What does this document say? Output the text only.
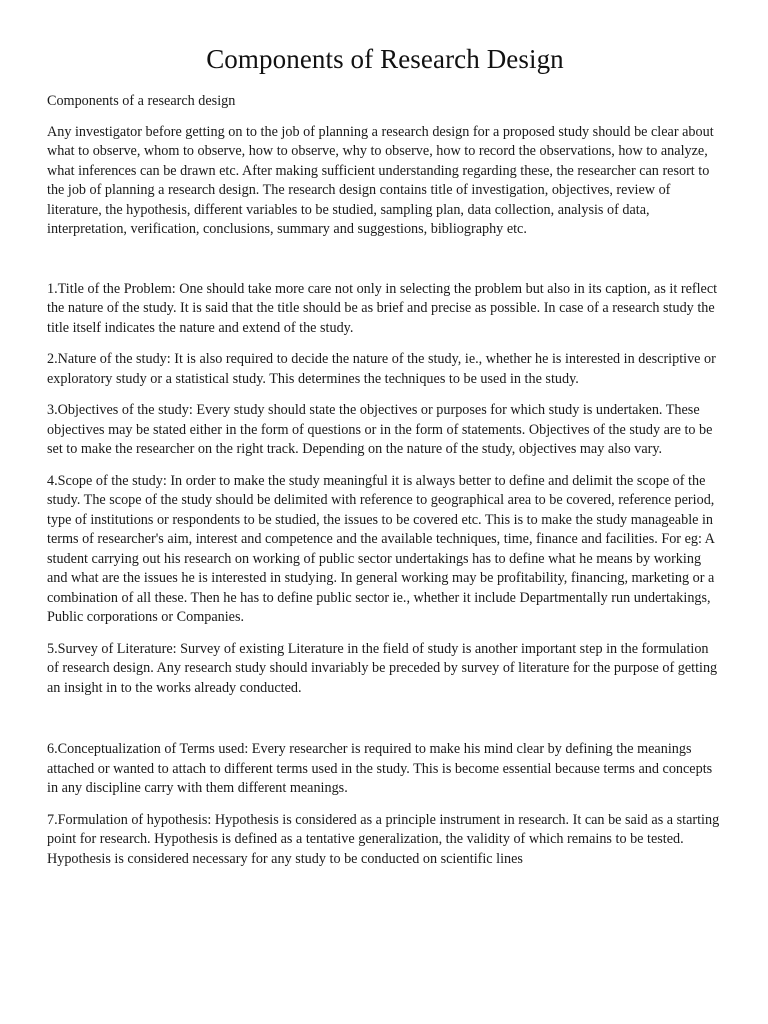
Components of Research Design

Components of a research design

Any investigator before getting on to the job of planning a research design for a proposed study should be clear about what to observe, whom to observe, how to observe, why to observe, how to record the observations, how to analyze, what inferences can be drawn etc. After making sufficient understanding regarding these, the researcher can resort to the job of planning a research design. The research design contains title of investigation, objectives, review of literature, the hypothesis, different variables to be studied, sampling plan, data collection, analysis of data, interpretation, verification, conclusions, summary and suggestions, bibliography etc.

1.Title of the Problem: One should take more care not only in selecting the problem but also in its caption, as it reflect the nature of the study. It is said that the title should be as brief and precise as possible. In case of a research study the title itself indicates the nature and extend of the study.

2.Nature of the study: It is also required to decide the nature of the study, ie., whether he is interested in descriptive or exploratory study or a statistical study. This determines the techniques to be used in the study.

3.Objectives of the study: Every study should state the objectives or purposes for which study is undertaken. These objectives may be stated either in the form of questions or in the form of statements. Objectives of the study are to be set to make the researcher on the right track. Depending on the nature of the study, objectives may also vary.

4.Scope of the study: In order to make the study meaningful it is always better to define and delimit the scope of the study. The scope of the study should be delimited with reference to geographical area to be covered, reference period, type of institutions or respondents to be studied, the issues to be covered etc. This is to make the study manageable in terms of researcher's aim, interest and competence and the available techniques, time, finance and facilities. For eg: A student carrying out his research on working of public sector undertakings has to define what he means by working and what are the issues he is interested in studying. In general working may be profitability, financing, marketing or a combination of all these. Then he has to define public sector ie., whether it include Departmentally run undertakings, Public corporations or Companies.

5.Survey of Literature: Survey of existing Literature in the field of study is another important step in the formulation of research design. Any research study should invariably be preceded by survey of literature for the purpose of getting an insight in to the works already conducted.

6.Conceptualization of Terms used: Every researcher is required to make his mind clear by defining the meanings attached or wanted to attach to different terms used in the study. This is become essential because terms and concepts in any discipline carry with them different meanings.

7.Formulation of hypothesis: Hypothesis is considered as a principle instrument in research. It can be said as a starting point for research. Hypothesis is defined as a tentative generalization, the validity of which remains to be tested. Hypothesis is considered necessary for any study to be conducted on scientific lines
